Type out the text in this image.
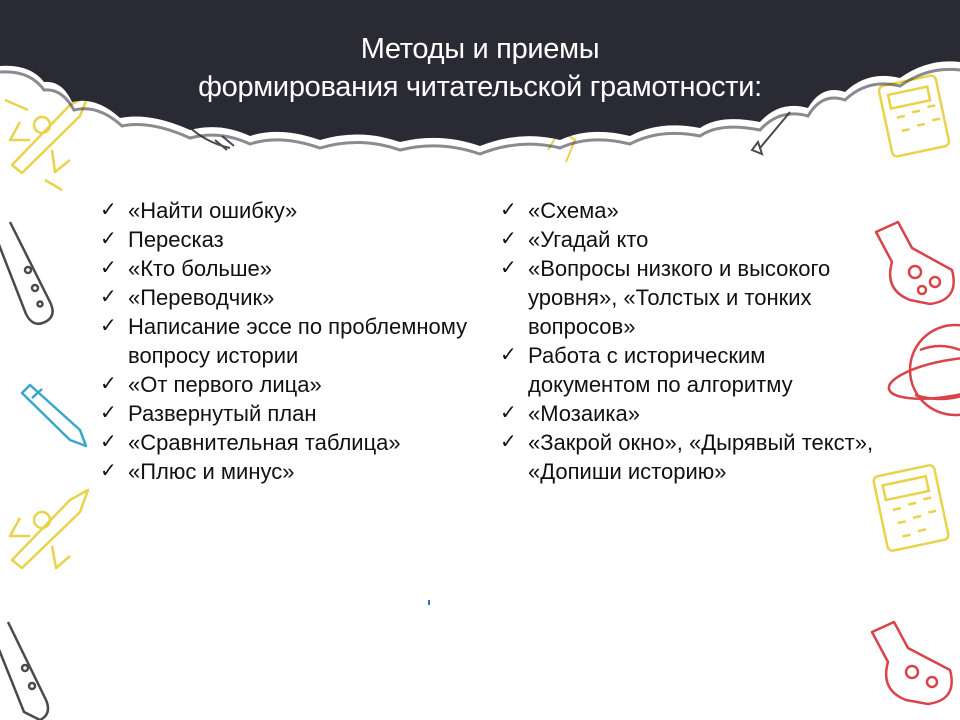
Методы и приемы
формирования читательской грамотности:
✓ «Найти ошибку»
✓ Пересказ
✓ «Кто больше»
✓ «Переводчик»
✓ Написание эссе по проблемному вопросу истории
✓ «От первого лица»
✓ Развернутый план
✓ «Сравнительная таблица»
✓ «Плюс и минус»
✓ «Схема»
✓ «Угадай кто
✓ «Вопросы низкого и высокого уровня», «Толстых и тонких вопросов»
✓ Работа с историческим документом по алгоритму
✓ «Мозаика»
✓ «Закрой окно», «Дырявый текст», «Допиши историю»
